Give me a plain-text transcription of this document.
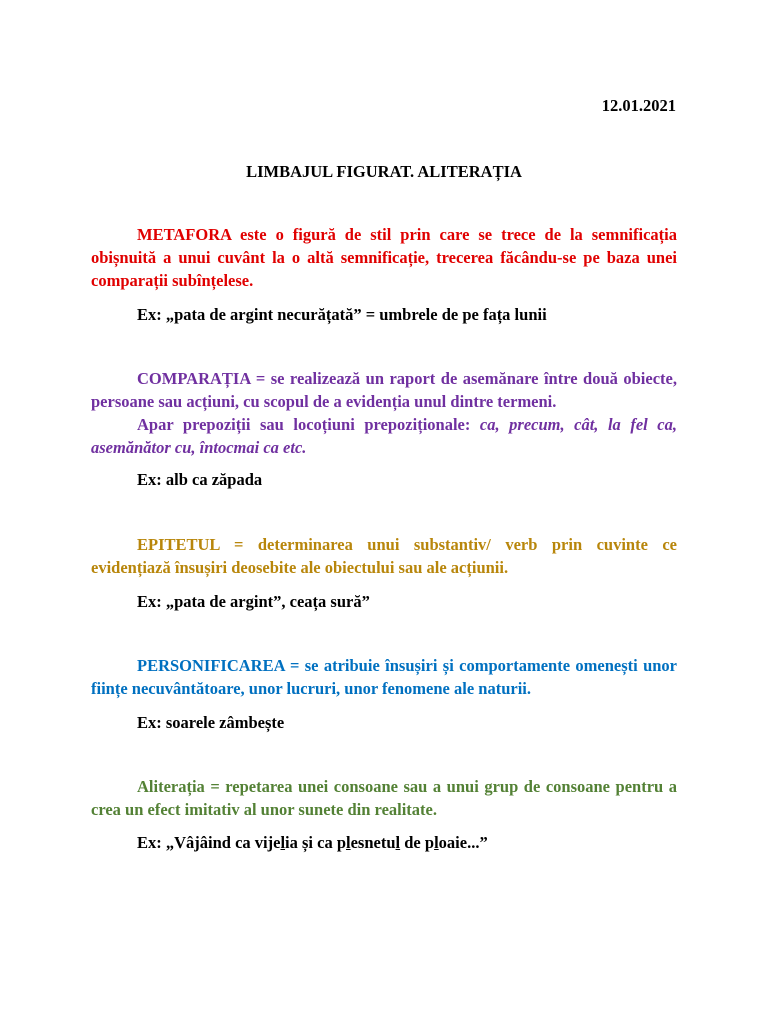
12.01.2021
LIMBAJUL FIGURAT. ALITERAȚIA

METAFORA este o figură de stil prin care se trece de la semnificația obișnuită a unui cuvânt la o altă semnificație, trecerea făcându-se pe baza unei comparații subînțelese.

Ex: „pata de argint necurățată” = umbrele de pe fața lunii

COMPARAȚIA = se realizează un raport de asemănare între două obiecte, persoane sau acțiuni, cu scopul de a evidenția unul dintre termeni.

Apar prepoziții sau locoțiuni prepoziționale: ca, precum, cât, la fel ca, asemănător cu, întocmai ca etc.

Ex: alb ca zăpada

EPITETUL = determinarea unui substantiv/ verb prin cuvinte ce evidențiază însușiri deosebite ale obiectului sau ale acțiunii.

Ex: „pata de argint”, ceața sură”

PERSONIFICAREA = se atribuie însușiri și comportamente omenești unor ființe necuvântătoare, unor lucruri, unor fenomene ale naturii.

Ex: soarele zâmbește

Aliterația = repetarea unei consoane sau a unui grup de consoane pentru a crea un efect imitativ al unor sunete din realitate.

Ex: „Vâjâind ca vijelia și ca plesnetul de ploaie...”
